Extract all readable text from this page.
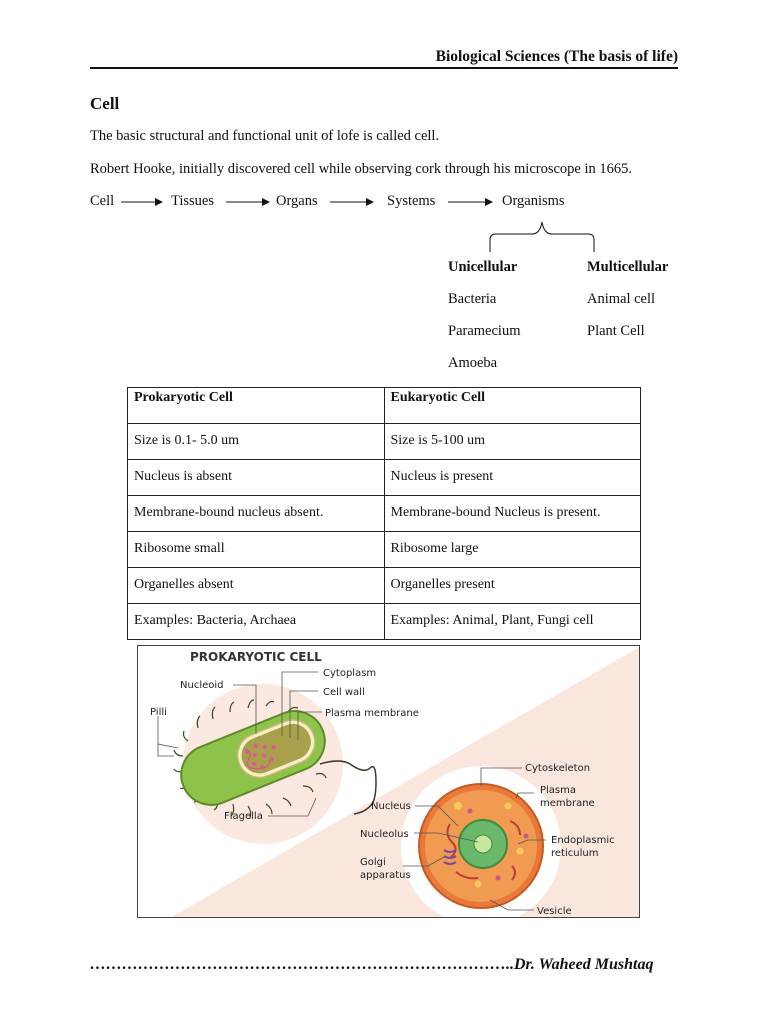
Biological Sciences (The basis of life)
Cell
The basic structural and functional unit of lofe is called cell.
Robert Hooke, initially discovered cell while observing cork through his microscope in 1665.
Cell	Tissues	Organs	Systems	Organisms
Unicellular
Bacteria
Paramecium
Amoeba
Multicellular
Animal cell
Plant Cell
Prokaryotic Cell	Eukaryotic Cell
Size is 0.1- 5.0 um	Size is 5-100 um
Nucleus is absent	Nucleus is present
Membrane-bound nucleus absent.	Membrane-bound Nucleus is present.
Ribosome small	Ribosome large
Organelles absent	Organelles present
Examples: Bacteria, Archaea	Examples: Animal, Plant, Fungi cell
PROKARYOTIC CELL
Nucleoid
Cytoplasm
Cell wall
Plasma membrane
Pilli
Flagella
Cytoskeleton
Plasma
membrane
Nucleus
Nucleolus
Endoplasmic
reticulum
Golgi
apparatus
Vesicle
……………………………………………………………………..Dr. Waheed Mushtaq
